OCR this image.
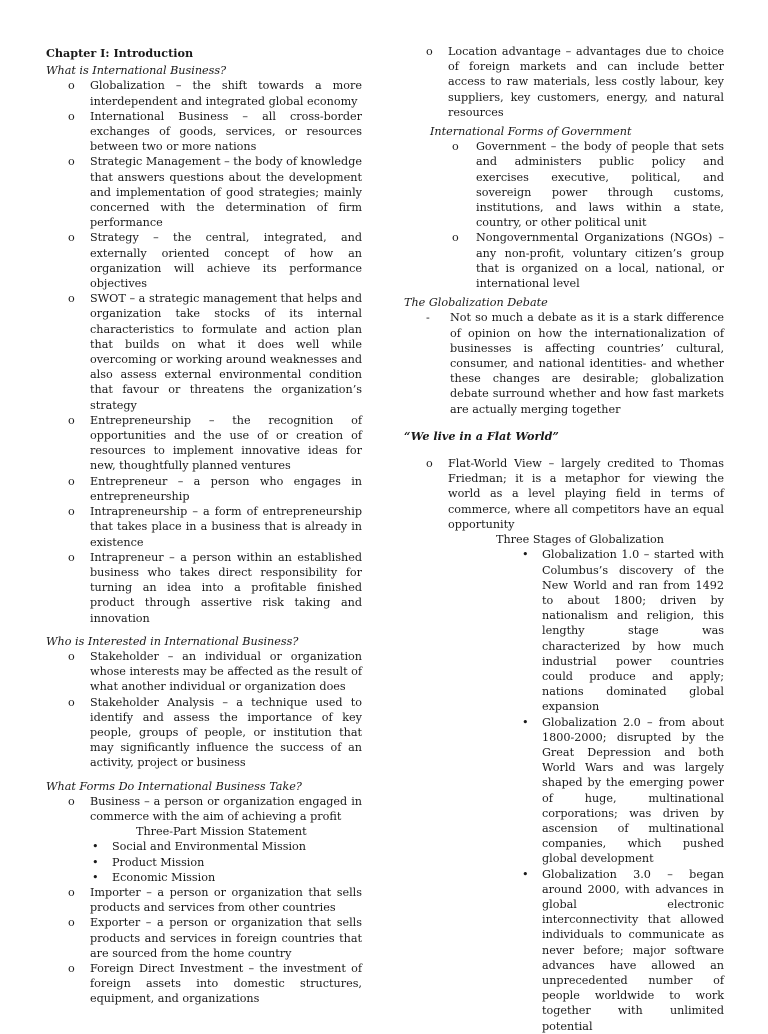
Chapter I: Introduction
What is International Business?
o Globalization – the shift towards a more interdependent and integrated global economy
o International Business – all cross-border exchanges of goods, services, or resources between two or more nations
o Strategic Management – the body of knowledge that answers questions about the development and implementation of good strategies; mainly concerned with the determination of firm performance
o Strategy – the central, integrated, and externally oriented concept of how an organization will achieve its performance objectives
o SWOT – a strategic management that helps and organization take stocks of its internal characteristics to formulate and action plan that builds on what it does well while overcoming or working around weaknesses and also assess external environmental condition that favour or threatens the organization’s strategy
o Entrepreneurship – the recognition of opportunities and the use of or creation of resources to implement innovative ideas for new, thoughtfully planned ventures
o Entrepreneur – a person who engages in entrepreneurship
o Intrapreneurship – a form of entrepreneurship that takes place in a business that is already in existence
o Intrapreneur – a person within an established business who takes direct responsibility for turning an idea into a profitable finished product through assertive risk taking and innovation
Who is Interested in International Business?
o Stakeholder – an individual or organization whose interests may be affected as the result of what another individual or organization does
o Stakeholder Analysis – a technique used to identify and assess the importance of key people, groups of people, or institution that may significantly influence the success of an activity, project or business
What Forms Do International Business Take?
o Business – a person or organization engaged in commerce with the aim of achieving a profit
Three-Part Mission Statement
• Social and Environmental Mission
• Product Mission
• Economic Mission
o Importer – a person or organization that sells products and services from other countries
o Exporter – a person or organization that sells products and services in foreign countries that are sourced from the home country
o Foreign Direct Investment – the investment of foreign assets into domestic structures, equipment, and organizations
o Location advantage – advantages due to choice of foreign markets and can include better access to raw materials, less costly labour, key suppliers, key customers, energy, and natural resources
International Forms of Government
o Government – the body of people that sets and administers public policy and exercises executive, political, and sovereign power through customs, institutions, and laws within a state, country, or other political unit
o Nongovernmental Organizations (NGOs) – any non-profit, voluntary citizen’s group that is organized on a local, national, or international level
The Globalization Debate
- Not so much a debate as it is a stark difference of opinion on how the internationalization of businesses is affecting countries’ cultural, consumer, and national identities- and whether these changes are desirable; globalization debate surround whether and how fast markets are actually merging together
“We live in a Flat World”
o Flat-World View – largely credited to Thomas Friedman; it is a metaphor for viewing the world as a level playing field in terms of commerce, where all competitors have an equal opportunity
Three Stages of Globalization
• Globalization 1.0 – started with Columbus’s discovery of the New World and ran from 1492 to about 1800; driven by nationalism and religion, this lengthy stage was characterized by how much industrial power countries could produce and apply; nations dominated global expansion
• Globalization 2.0 – from about 1800-2000; disrupted by the Great Depression and both World Wars and was largely shaped by the emerging power of huge, multinational corporations; was driven by ascension of multinational companies, which pushed global development
• Globalization 3.0 – began around 2000, with advances in global electronic interconnectivity that allowed individuals to communicate as never before; major software advances have allowed an unprecedented number of people worldwide to work together with unlimited potential
